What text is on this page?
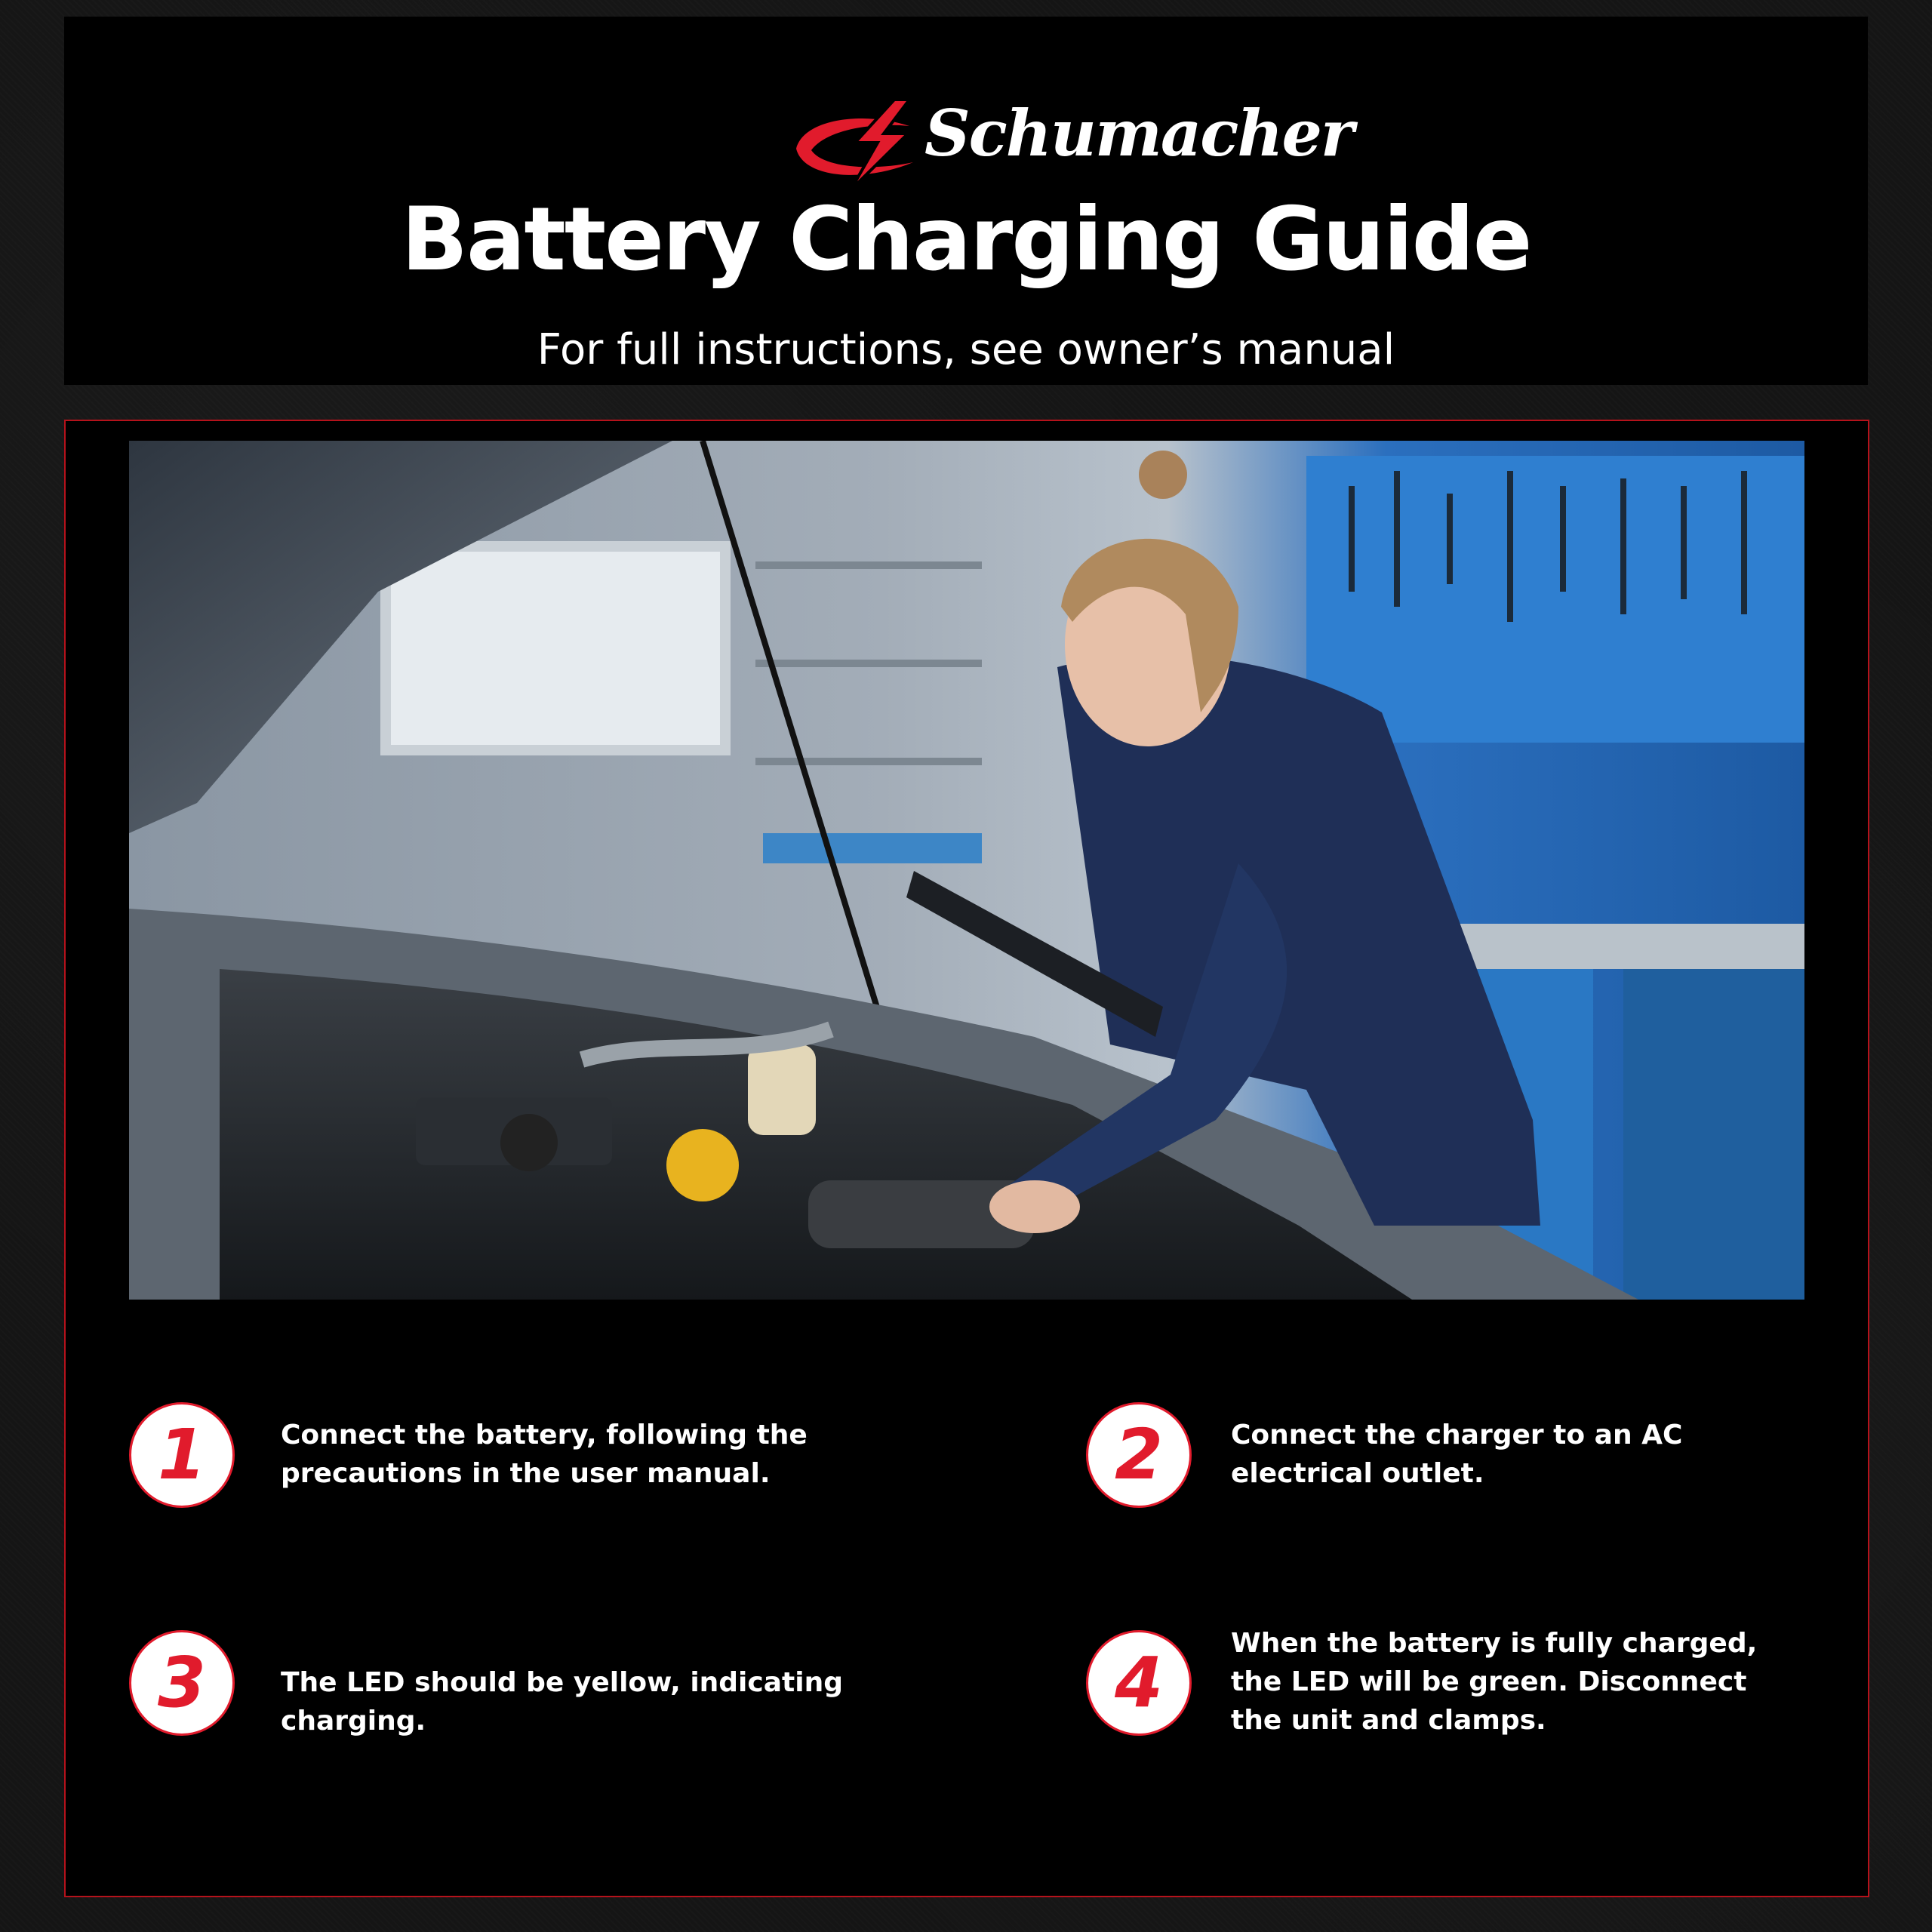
Schumacher
Battery Charging Guide
For full instructions, see owner’s manual
1	Connect the battery, following the precautions in the user manual.	2	Connect the charger to an AC electrical outlet.
3	The LED should be yellow, indicating charging.	4	When the battery is fully charged, the LED will be green. Disconnect the unit and clamps.
